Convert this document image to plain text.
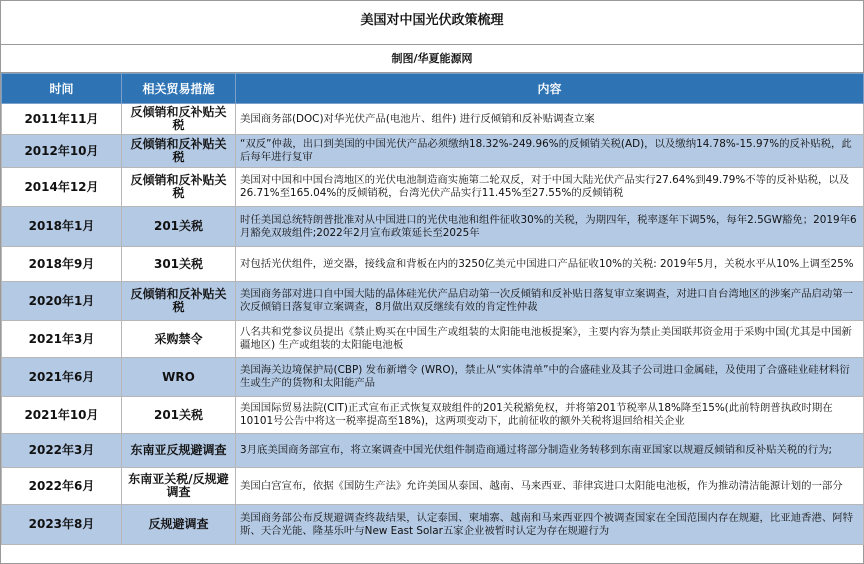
美国对中国光伏政策梳理
制图/华夏能源网
时间	相关贸易措施	内容
2011年11月	反倾销和反补贴关税	美国商务部(DOC)对华光伏产品(电池片、组件) 进行反倾销和反补贴调查立案
2012年10月	反倾销和反补贴关税	“双反”仲裁，出口到美国的中国光伏产品必须缴纳18.32%-249.96%的反倾销关税(AD)，以及缴纳14.78%-15.97%的反补贴税，此后每年进行复审
2014年12月	反倾销和反补贴关税	美国对中国和中国台湾地区的光伏电池制造商实施第二轮双反，对于中国大陆光伏产品实行27.64%到49.79%不等的反补贴税，以及26.71%至165.04%的反倾销税，台湾光伏产品实行11.45%至27.55%的反倾销税
2018年1月	201关税	时任美国总统特朗普批准对从中国进口的光伏电池和组件征收30%的关税，为期四年，税率逐年下调5%，每年2.5GW豁免；2019年6月豁免双玻组件;2022年2月宣布政策延长至2025年
2018年9月	301关税	对包括光伏组件，逆交器，接线盒和背板在内的3250亿美元中国进口产品征收10%的关税: 2019年5月，关税水平从10%上调至25%
2020年1月	反倾销和反补贴关税	美国商务部对进口自中国大陆的晶体硅光伏产品启动第一次反倾销和反补贴日落复审立案调查，对进口自台湾地区的涉案产品启动第一次反倾销日落复审立案调查，8月做出双反继续有效的肯定性仲裁
2021年3月	采购禁令	八名共和党参议员提出《禁止购买在中国生产或组装的太阳能电池板提案》，主要内容为禁止美国联邦资金用于采购中国(尤其是中国新疆地区) 生产或组装的太阳能电池板
2021年6月	WRO	美国海关边境保护局(CBP) 发布新增令 (WRO)，禁止从“实体清单”中的合盛硅业及其子公司进口金属硅，及使用了合盛硅业硅材料衍生或生产的货物和太阳能产品
2021年10月	201关税	美国国际贸易法院(CIT)正式宣布正式恢复双玻组件的201关税豁免权，并将第201节税率从18%降至15%(此前特朗普执政时期在10101号公告中将这一税率提高至18%)，这两项变动下，此前征收的额外关税将退回给相关企业
2022年3月	东南亚反规避调查	3月底美国商务部宣布，将立案调查中国光伏组件制造商通过将部分制造业务转移到东南亚国家以规避反倾销和反补贴关税的行为;
2022年6月	东南亚关税/反规避调查	美国白宫宣布，依据《国防生产法》允许美国从泰国、越南、马来西亚、菲律宾进口太阳能电池板，作为推动清洁能源计划的一部分
2023年8月	反规避调查	美国商务部公布反规避调查终裁结果，认定泰国、柬埔寨、越南和马来西亚四个被调查国家在全国范围内存在规避，比亚迪香港、阿特斯、天合光能、隆基乐叶与New East Solar五家企业被暂时认定为存在规避行为
